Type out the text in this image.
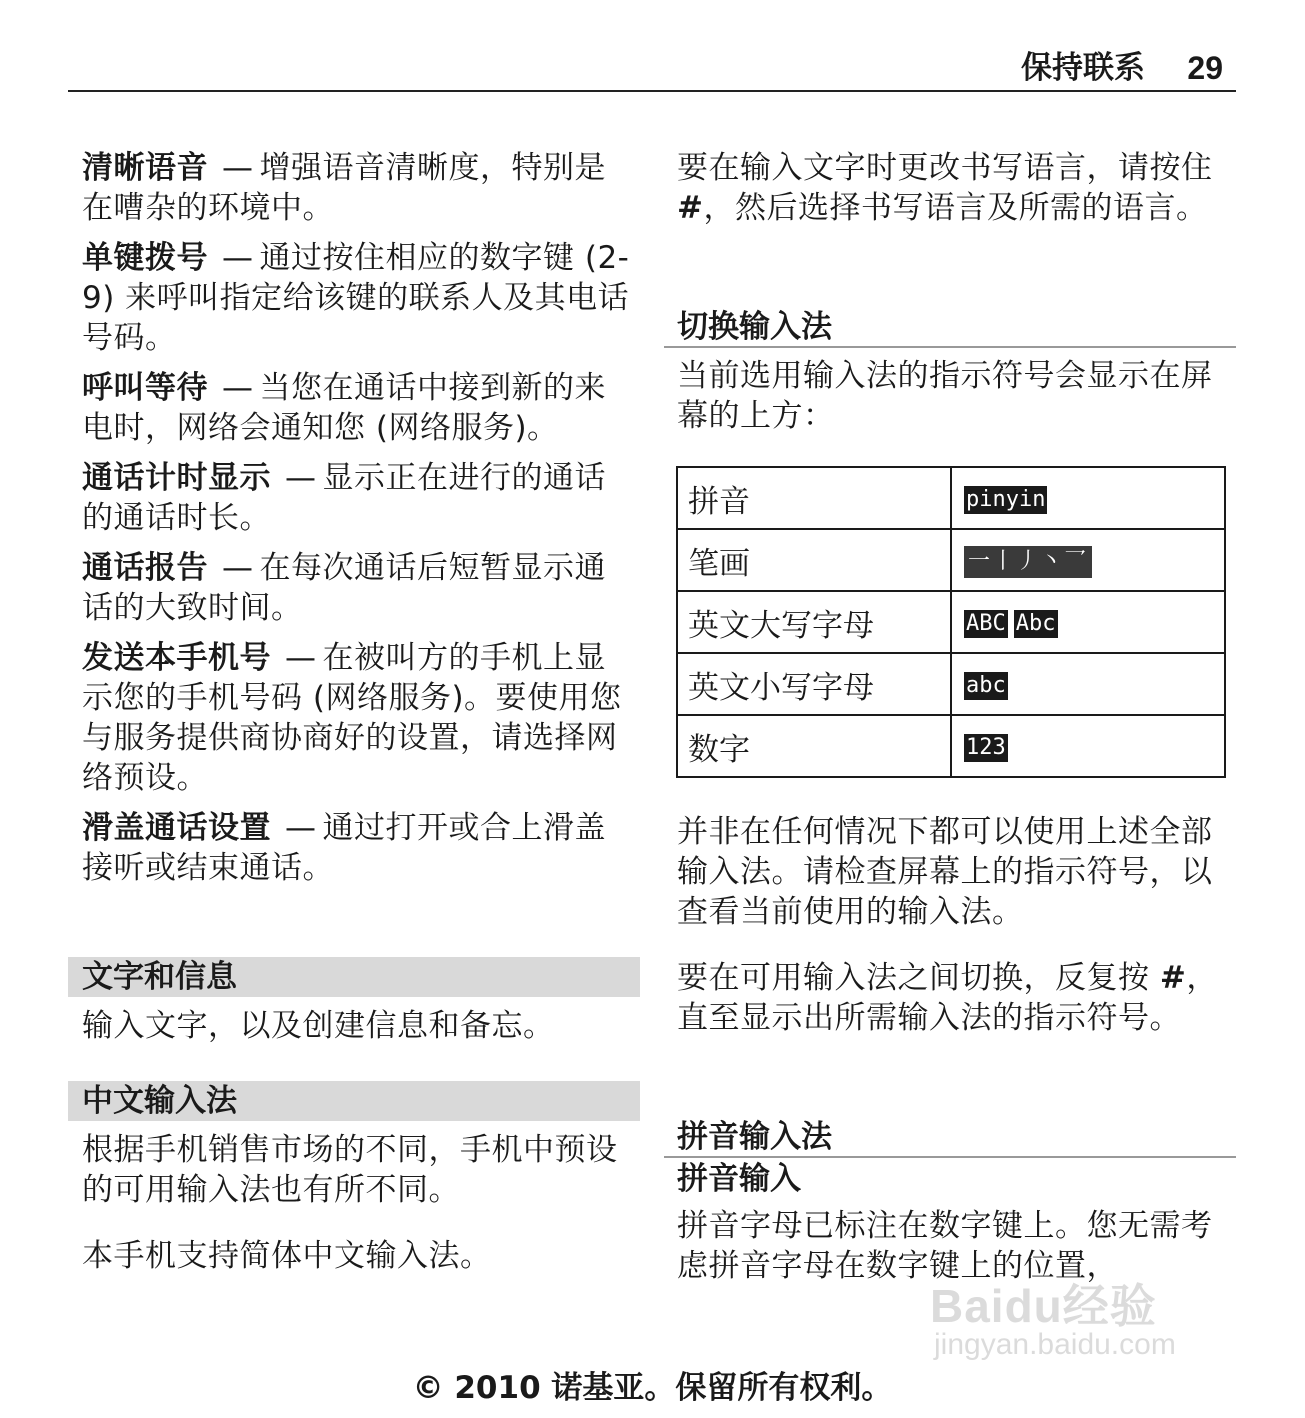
保持联系 29

清晰语音 — 增强语音清晰度，特别是在嘈杂的环境中。

单键拨号 — 通过按住相应的数字键 (2-9) 来呼叫指定给该键的联系人及其电话号码。

呼叫等待 — 当您在通话中接到新的来电时，网络会通知您 (网络服务)。

通话计时显示 — 显示正在进行的通话的通话时长。

通话报告 — 在每次通话后短暂显示通话的大致时间。

发送本手机号 — 在被叫方的手机上显示您的手机号码 (网络服务)。要使用您与服务提供商协商好的设置，请选择网络预设。

滑盖通话设置 — 通过打开或合上滑盖接听或结束通话。

文字和信息

输入文字，以及创建信息和备忘。

中文输入法

根据手机销售市场的不同，手机中预设的可用输入法也有所不同。

本手机支持简体中文输入法。

要在输入文字时更改书写语言，请按住 #，然后选择书写语言及所需的语言。

切换输入法

当前选用输入法的指示符号会显示在屏幕的上方：

拼音	pinyin
笔画	一丨丿丶乛
英文大写字母	ABC Abc
英文小写字母	abc
数字	123

并非在任何情况下都可以使用上述全部输入法。请检查屏幕上的指示符号，以查看当前使用的输入法。

要在可用输入法之间切换，反复按 #，直至显示出所需输入法的指示符号。

拼音输入法

拼音输入

拼音字母已标注在数字键上。您无需考虑拼音字母在数字键上的位置，

Baidu经验
jingyan.baidu.com
© 2010 诺基亚。保留所有权利。
